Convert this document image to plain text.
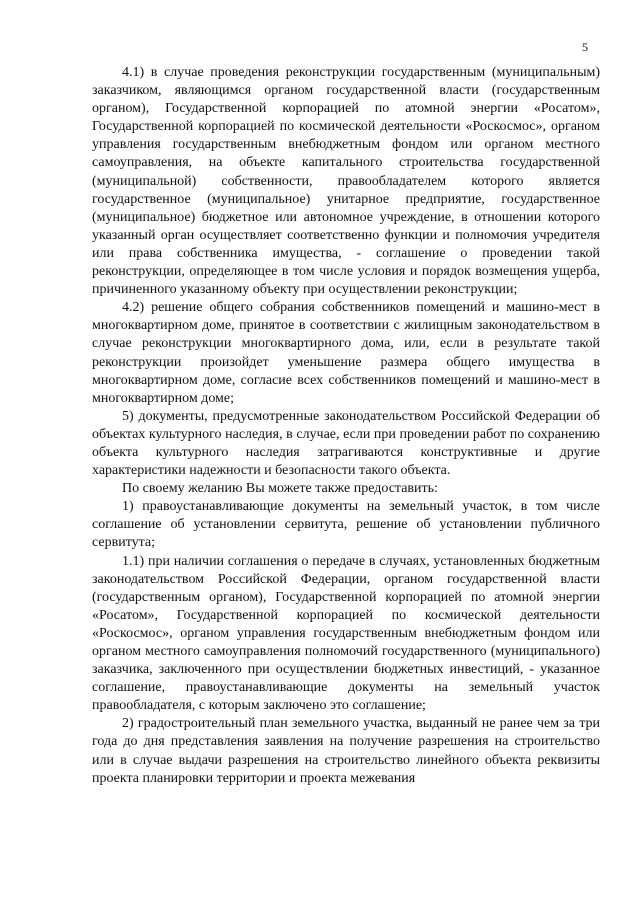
5

4.1) в случае проведения реконструкции государственным (муниципальным) заказчиком, являющимся органом государственной власти (государственным органом), Государственной корпорацией по атомной энергии «Росатом», Государственной корпорацией по космической деятельности «Роскосмос», органом управления государственным внебюджетным фондом или органом местного самоуправления, на объекте капитального строительства государственной (муниципальной) собственности, правообладателем которого является государственное (муниципальное) унитарное предприятие, государственное (муниципальное) бюджетное или автономное учреждение, в отношении которого указанный орган осуществляет соответственно функции и полномочия учредителя или права собственника имущества, - соглашение о проведении такой реконструкции, определяющее в том числе условия и порядок возмещения ущерба, причиненного указанному объекту при осуществлении реконструкции;

4.2) решение общего собрания собственников помещений и машино-мест в многоквартирном доме, принятое в соответствии с жилищным законодательством в случае реконструкции многоквартирного дома, или, если в результате такой реконструкции произойдет уменьшение размера общего имущества в многоквартирном доме, согласие всех собственников помещений и машино-мест в многоквартирном доме;

5) документы, предусмотренные законодательством Российской Федерации об объектах культурного наследия, в случае, если при проведении работ по сохранению объекта культурного наследия затрагиваются конструктивные и другие характеристики надежности и безопасности такого объекта.

По своему желанию Вы можете также предоставить:

1) правоустанавливающие документы на земельный участок, в том числе соглашение об установлении сервитута, решение об установлении публичного сервитута;

1.1) при наличии соглашения о передаче в случаях, установленных бюджетным законодательством Российской Федерации, органом государственной власти (государственным органом), Государственной корпорацией по атомной энергии «Росатом», Государственной корпорацией по космической деятельности «Роскосмос», органом управления государственным внебюджетным фондом или органом местного самоуправления полномочий государственного (муниципального) заказчика, заключенного при осуществлении бюджетных инвестиций, - указанное соглашение, правоустанавливающие документы на земельный участок правообладателя, с которым заключено это соглашение;

2) градостроительный план земельного участка, выданный не ранее чем за три года до дня представления заявления на получение разрешения на строительство или в случае выдачи разрешения на строительство линейного объекта реквизиты проекта планировки территории и проекта межевания
